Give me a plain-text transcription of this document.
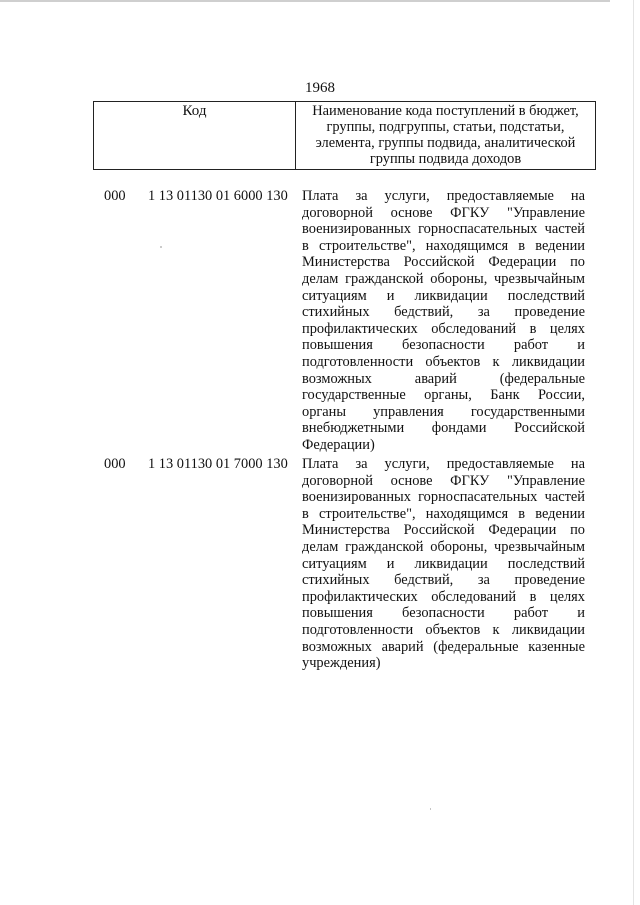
1968
Код	Наименование кода поступлений в бюджет, группы, подгруппы, статьи, подстатьи, элемента, группы подвида, аналитической группы подвида доходов
000 1 13 01130 01 6000 130 Плата за услуги, предоставляемые на договорной основе ФГКУ "Управление военизированных горноспасательных частей в строительстве", находящимся в ведении Министерства Российской Федерации по делам гражданской обороны, чрезвычайным ситуациям и ликвидации последствий стихийных бедствий, за проведение профилактических обследований в целях повышения безопасности работ и подготовленности объектов к ликвидации возможных аварий (федеральные государственные органы, Банк России, органы управления государственными внебюджетными фондами Российской Федерации)
000 1 13 01130 01 7000 130 Плата за услуги, предоставляемые на договорной основе ФГКУ "Управление военизированных горноспасательных частей в строительстве", находящимся в ведении Министерства Российской Федерации по делам гражданской обороны, чрезвычайным ситуациям и ликвидации последствий стихийных бедствий, за проведение профилактических обследований в целях повышения безопасности работ и подготовленности объектов к ликвидации возможных аварий (федеральные казенные учреждения)
